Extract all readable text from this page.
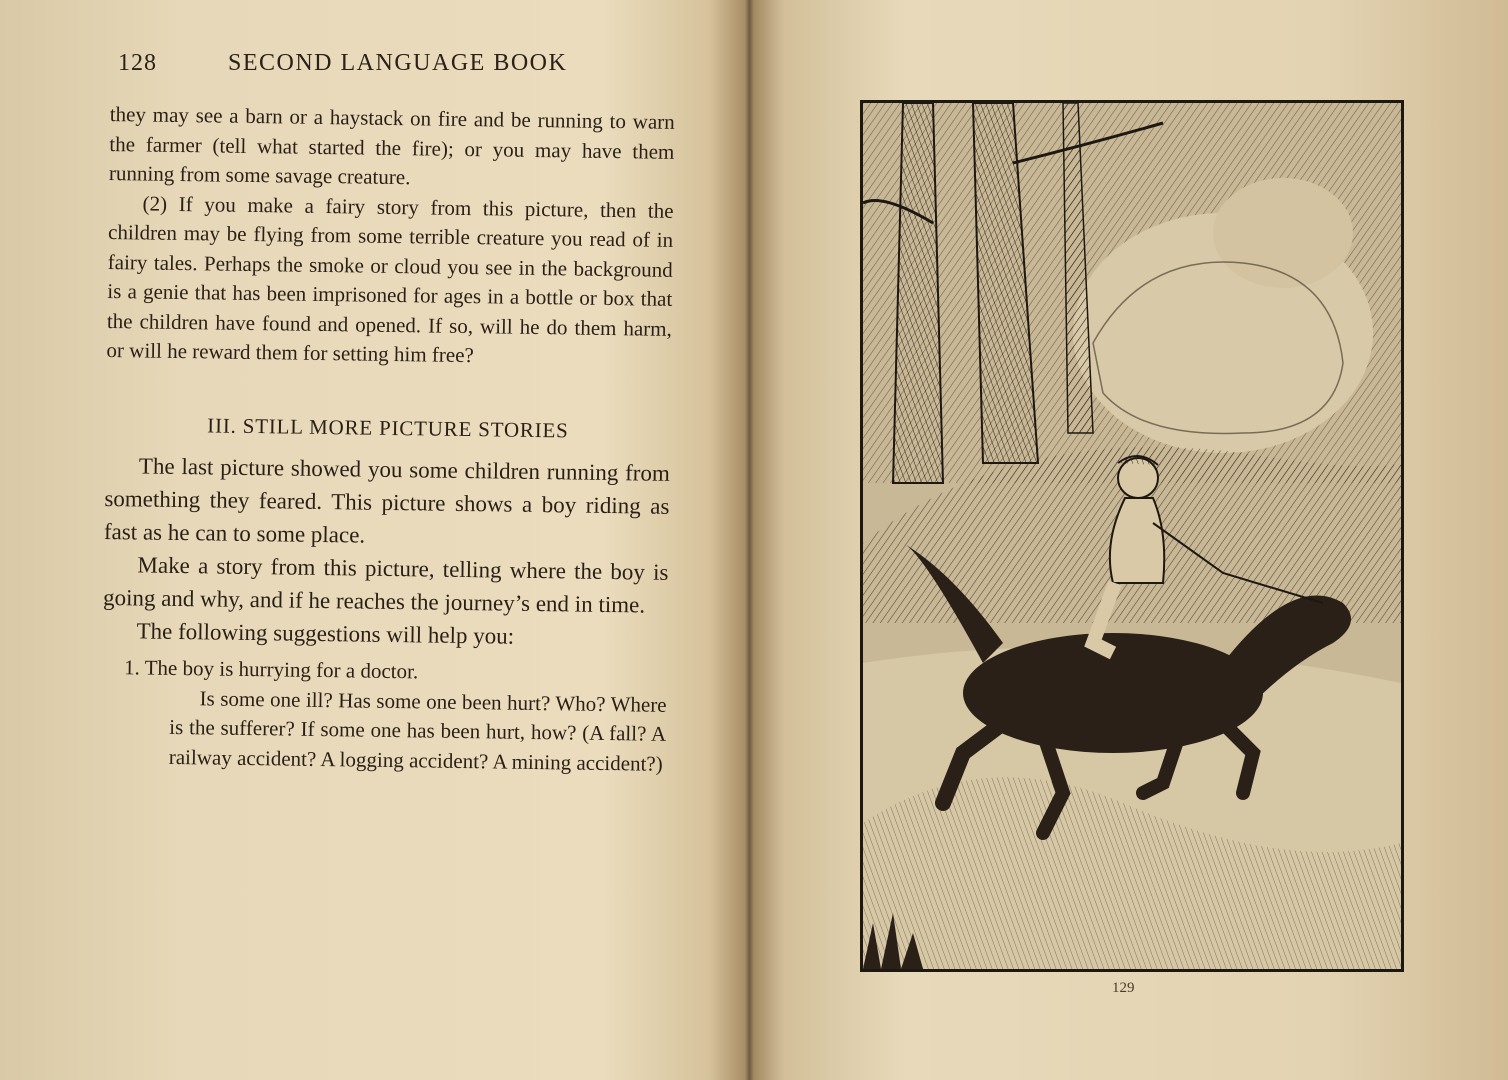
128	SECOND LANGUAGE BOOK

they may see a barn or a haystack on fire and be running to warn the farmer (tell what started the fire); or you may have them running from some savage creature.

(2) If you make a fairy story from this picture, then the children may be flying from some terrible creature you read of in fairy tales. Perhaps the smoke or cloud you see in the background is a genie that has been imprisoned for ages in a bottle or box that the children have found and opened. If so, will he do them harm, or will he reward them for setting him free?

III. STILL MORE PICTURE STORIES

The last picture showed you some children running from something they feared. This picture shows a boy riding as fast as he can to some place.

Make a story from this picture, telling where the boy is going and why, and if he reaches the journey’s end in time.

The following suggestions will help you:

1. The boy is hurrying for a doctor.

Is some one ill? Has some one been hurt? Who? Where is the sufferer? If some one has been hurt, how? (A fall? A railway accident? A logging accident? A mining accident?)

129
